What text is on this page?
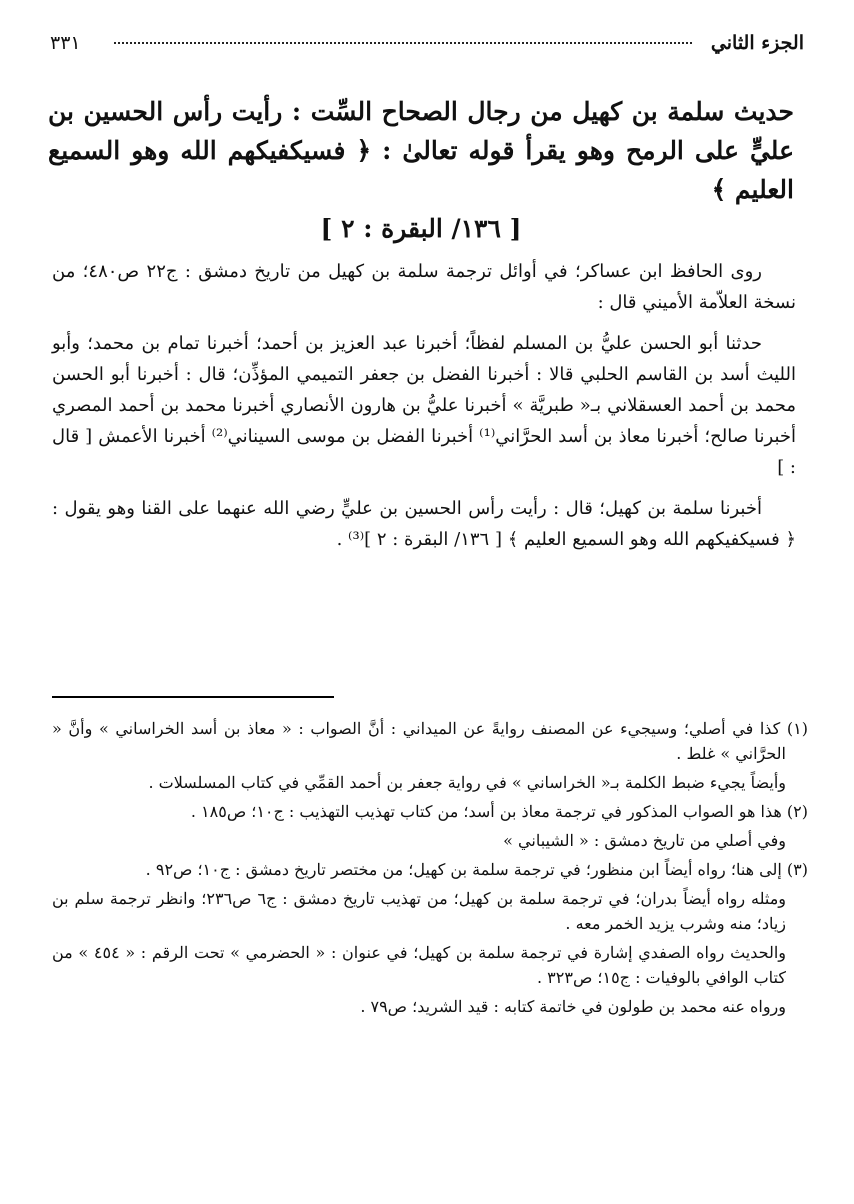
الجزء الثاني
٣٣١
حديث سلمة بن كهيل من رجال الصحاح السِّت : رأيت رأس الحسين بن عليٍّ على الرمح وهو يقرأ قوله تعالىٰ : ﴿ فسيكفيكهم الله وهو السميع العليم ﴾
[ ١٣٦/ البقرة : ٢ ]

روى الحافظ ابن عساكر؛ في أوائل ترجمة سلمة بن كهيل من تاريخ دمشق : ج٢٢ ص٤٨٠؛ من نسخة العلاّمة الأميني قال :

حدثنا أبو الحسن عليُّ بن المسلم لفظاً؛ أخبرنا عبد العزيز بن أحمد؛ أخبرنا تمام بن محمد؛ وأبو الليث أسد بن القاسم الحلبي قالا : أخبرنا الفضل بن جعفر التميمي المؤذِّن؛ قال : أخبرنا أبو الحسن محمد بن أحمد العسقلاني بـ« طبريَّة » أخبرنا عليُّ بن هارون الأنصاري أخبرنا محمد بن أحمد المصري أخبرنا صالح؛ أخبرنا معاذ بن أسد الحرَّاني⁽¹⁾ أخبرنا الفضل بن موسى السيناني⁽²⁾ أخبرنا الأعمش [ قال : ]

أخبرنا سلمة بن كهيل؛ قال : رأيت رأس الحسين بن عليٍّ رضي الله عنهما على القنا وهو يقول : ﴿ فسيكفيكهم الله وهو السميع العليم ﴾ [ ١٣٦/ البقرة : ٢ ]⁽³⁾ .

(١) كذا في أصلي؛ وسيجيء عن المصنف روايةً عن الميداني : أنَّ الصواب : « معاذ بن أسد الخراساني » وأنَّ « الحرَّاني » غلط .

وأيضاً يجيء ضبط الكلمة بـ« الخراساني » في رواية جعفر بن أحمد القمِّي في كتاب المسلسلات .

(٢) هذا هو الصواب المذكور في ترجمة معاذ بن أسد؛ من كتاب تهذيب التهذيب : ج١٠؛ ص١٨٥ .

وفي أصلي من تاريخ دمشق : « الشيباني »

(٣) إلى هنا؛ رواه أيضاً ابن منظور؛ في ترجمة سلمة بن كهيل؛ من مختصر تاريخ دمشق : ج١٠؛ ص٩٢ .

ومثله رواه أيضاً بدران؛ في ترجمة سلمة بن كهيل؛ من تهذيب تاريخ دمشق : ج٦ ص٢٣٦؛ وانظر ترجمة سلم بن زياد؛ منه وشرب يزيد الخمر معه .

والحديث رواه الصفدي إشارة في ترجمة سلمة بن كهيل؛ في عنوان : « الحضرمي » تحت الرقم : « ٤٥٤ » من كتاب الوافي بالوفيات : ج١٥؛ ص٣٢٣ .

ورواه عنه محمد بن طولون في خاتمة كتابه : قيد الشريد؛ ص٧٩ .
